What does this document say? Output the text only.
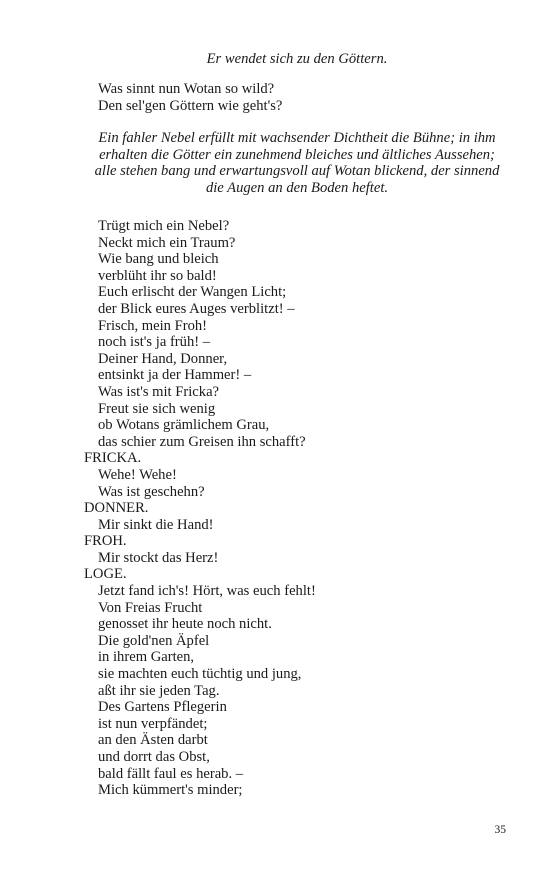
Er wendet sich zu den Göttern.
Was sinnt nun Wotan so wild?
Den sel'gen Göttern wie geht's?
Ein fahler Nebel erfüllt mit wachsender Dichtheit die Bühne; in ihm
erhalten die Götter ein zunehmend bleiches und ältliches Aussehen;
alle stehen bang und erwartungsvoll auf Wotan blickend, der sinnend
die Augen an den Boden heftet.
Trügt mich ein Nebel?
Neckt mich ein Traum?
Wie bang und bleich
verblüht ihr so bald!
Euch erlischt der Wangen Licht;
der Blick eures Auges verblitzt! –
Frisch, mein Froh!
noch ist's ja früh! –
Deiner Hand, Donner,
entsinkt ja der Hammer! –
Was ist's mit Fricka?
Freut sie sich wenig
ob Wotans grämlichem Grau,
das schier zum Greisen ihn schafft?
FRICKA.
Wehe! Wehe!
Was ist geschehn?
DONNER.
Mir sinkt die Hand!
FROH.
Mir stockt das Herz!
LOGE.
Jetzt fand ich's! Hört, was euch fehlt!
Von Freias Frucht
genosset ihr heute noch nicht.
Die gold'nen Äpfel
in ihrem Garten,
sie machten euch tüchtig und jung,
aßt ihr sie jeden Tag.
Des Gartens Pflegerin
ist nun verpfändet;
an den Ästen darbt
und dorrt das Obst,
bald fällt faul es herab. –
Mich kümmert's minder;
35
